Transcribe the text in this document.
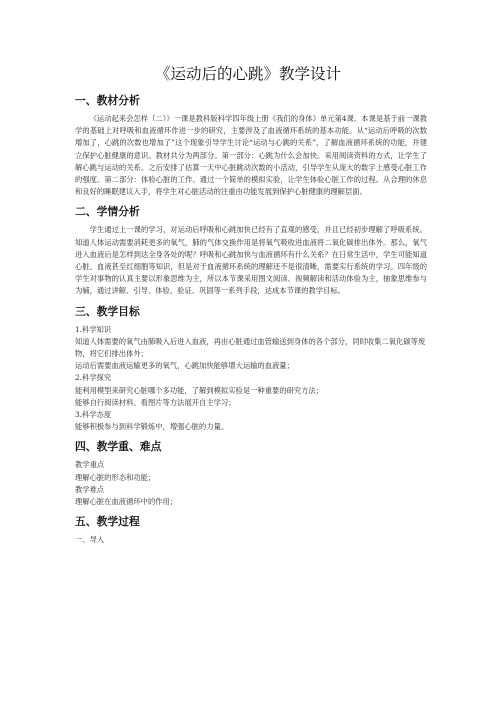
《运动后的心跳》教学设计
一、教材分析

《运动起来会怎样（二）》一课是教科版科学四年级上册《我们的身体》单元第4课。本课是基于前一课教学的基础上对呼吸和血液循环作进一步的研究，主要涉及了血液循环系统的基本功能。从“运动后呼吸的次数增加了，心跳的次数也增加了”这个现象引导学生讨论“运动与心跳的关系”，了解血液循环系统的功能，并建立保护心脏健康的意识。教材共分为两部分。第一部分：心跳为什么会加快。采用阅读资料的方式，让学生了解心跳与运动的关系。之后安排了估算一天中心脏跳动次数的小活动，引导学生从庞大的数字上感受心脏工作的强度。第二部分：体验心脏的工作。通过一个简单的模拟实验，让学生体验心脏工作的过程。从合理的休息和良好的睡眠建议入手，将学生对心脏活动的注重由功能发展到保护心脏健康的理解层面。

二、学情分析

学生通过上一课的学习，对运动后呼吸和心跳加快已经有了直观的感受，并且已经初步理解了呼吸系统。知道人体运动需要消耗更多的氧气，肺的气体交换作用是将氧气吸收进血液将二氧化碳排出体外。那么，氧气进入血液后是怎样到达全身各处的呢？呼吸和心跳加快与血液循环有什么关系？在日常生活中，学生可能知道心脏、血液甚至红细胞等知识，但是对于血液循环系统的理解还不是很清晰，需要实行系统的学习。四年级的学生对事物的认真主要以形象思维为主，所以本节课采用图文阅读、视频解读和活动体验为主，抽象思维参与为辅，通过讲解、引导、体验、验证、巩固等一系列手段，达成本节课的教学目标。

三、教学目标

1.科学知识

知道人体需要的氧气由肺吸入后进入血液，再由心脏通过血管输送到身体的各个部分，同时收集二氧化碳等废物，将它们排出体外；

运动后需要血液运输更多的氧气，心跳加快能够增大运输的血液量；

2.科学探究

能利用模型来研究心脏哪个多功能，了解到模拟实验是一种重要的研究方法；

能够自行阅读材料、看图片等方法展开自主学习；

3.科学态度

能够积极参与到科学锻炼中，增强心脏的力量。

四、教学重、难点

教学重点

理解心脏的形态和功能；

教学难点

理解心脏在血液循环中的作用；

五、教学过程

一、导入
